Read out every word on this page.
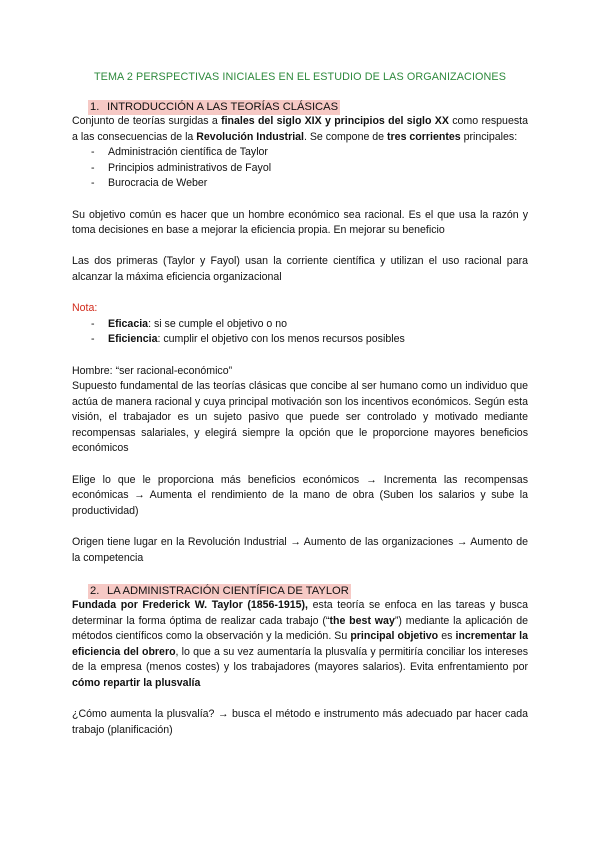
TEMA 2 PERSPECTIVAS INICIALES EN EL ESTUDIO DE LAS ORGANIZACIONES
1. INTRODUCCIÓN A LAS TEORÍAS CLÁSICAS

Conjunto de teorías surgidas a finales del siglo XIX y principios del siglo XX como respuesta a las consecuencias de la Revolución Industrial. Se compone de tres corrientes principales:

- Administración científica de Taylor
- Principios administrativos de Fayol
- Burocracia de Weber

Su objetivo común es hacer que un hombre económico sea racional. Es el que usa la razón y toma decisiones en base a mejorar la eficiencia propia. En mejorar su beneficio

Las dos primeras (Taylor y Fayol) usan la corriente científica y utilizan el uso racional para alcanzar la máxima eficiencia organizacional

Nota:

- Eficacia: si se cumple el objetivo o no
- Eficiencia: cumplir el objetivo con los menos recursos posibles

Hombre: “ser racional-económico”

Supuesto fundamental de las teorías clásicas que concibe al ser humano como un individuo que actúa de manera racional y cuya principal motivación son los incentivos económicos. Según esta visión, el trabajador es un sujeto pasivo que puede ser controlado y motivado mediante recompensas salariales, y elegirá siempre la opción que le proporcione mayores beneficios económicos

Elige lo que le proporciona más beneficios económicos → Incrementa las recompensas económicas → Aumenta el rendimiento de la mano de obra (Suben los salarios y sube la productividad)

Origen tiene lugar en la Revolución Industrial → Aumento de las organizaciones → Aumento de la competencia

2. LA ADMINISTRACIÓN CIENTÍFICA DE TAYLOR

Fundada por Frederick W. Taylor (1856-1915), esta teoría se enfoca en las tareas y busca determinar la forma óptima de realizar cada trabajo (“the best way”) mediante la aplicación de métodos científicos como la observación y la medición. Su principal objetivo es incrementar la eficiencia del obrero, lo que a su vez aumentaría la plusvalía y permitiría conciliar los intereses de la empresa (menos costes) y los trabajadores (mayores salarios). Evita enfrentamiento por cómo repartir la plusvalía

¿Cómo aumenta la plusvalía? → busca el método e instrumento más adecuado par hacer cada trabajo (planificación)
